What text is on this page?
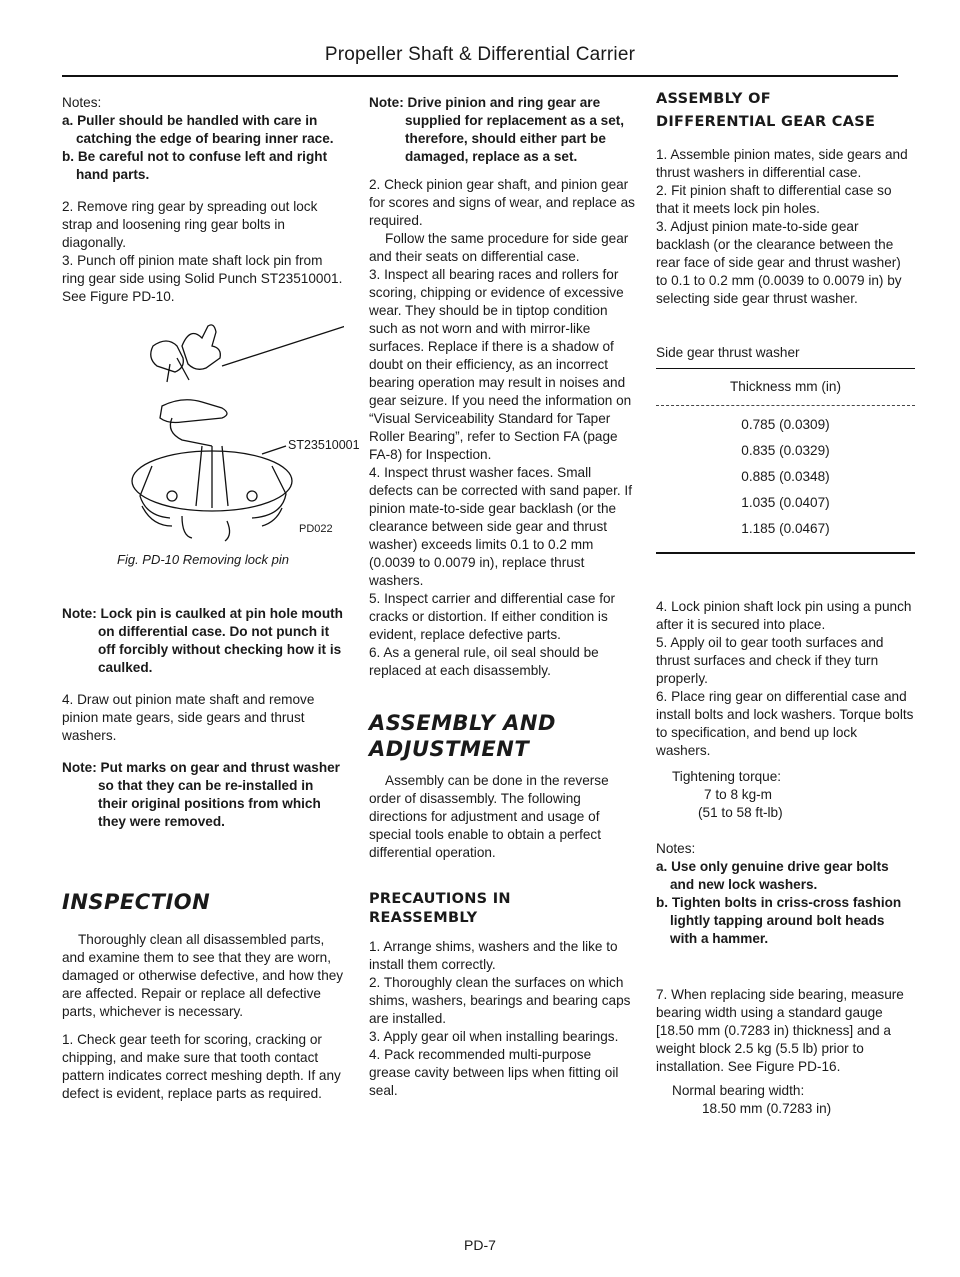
Propeller Shaft & Differential Carrier

Notes:

a. Puller should be handled with care in catching the edge of bearing inner race.

b. Be careful not to confuse left and right hand parts.

2. Remove ring gear by spreading out lock strap and loosening ring gear bolts in diagonally.

3. Punch off pinion mate shaft lock pin from ring gear side using Solid Punch ST23510001. See Figure PD-10.

ST23510001
PD022

Fig. PD-10 Removing lock pin

Note: Lock pin is caulked at pin hole mouth on differential case. Do not punch it off forcibly without checking how it is caulked.

4. Draw out pinion mate shaft and remove pinion mate gears, side gears and thrust washers.

Note: Put marks on gear and thrust washer so that they can be re-installed in their original positions from which they were removed.

INSPECTION

Thoroughly clean all disassembled parts, and examine them to see that they are worn, damaged or otherwise defective, and how they are affected. Repair or replace all defective parts, whichever is necessary.

1. Check gear teeth for scoring, cracking or chipping, and make sure that tooth contact pattern indicates correct meshing depth. If any defect is evident, replace parts as required.

Note: Drive pinion and ring gear are supplied for replacement as a set, therefore, should either part be damaged, replace as a set.

2. Check pinion gear shaft, and pinion gear for scores and signs of wear, and replace as required.

Follow the same procedure for side gear and their seats on differential case.

3. Inspect all bearing races and rollers for scoring, chipping or evidence of excessive wear. They should be in tiptop condition such as not worn and with mirror-like surfaces. Replace if there is a shadow of doubt on their efficiency, as an incorrect bearing operation may result in noises and gear seizure. If you need the information on “Visual Serviceability Standard for Taper Roller Bearing”, refer to Section FA (page FA-8) for Inspection.

4. Inspect thrust washer faces. Small defects can be corrected with sand paper. If pinion mate-to-side gear backlash (or the clearance between side gear and thrust washer) exceeds limits 0.1 to 0.2 mm (0.0039 to 0.0079 in), replace thrust washers.

5. Inspect carrier and differential case for cracks or distortion. If either condition is evident, replace defective parts.

6. As a general rule, oil seal should be replaced at each disassembly.

ASSEMBLY AND

ADJUSTMENT

Assembly can be done in the reverse order of disassembly. The following directions for adjustment and usage of special tools enable to obtain a perfect differential operation.

PRECAUTIONS IN

REASSEMBLY

1. Arrange shims, washers and the like to install them correctly.

2. Thoroughly clean the surfaces on which shims, washers, bearings and bearing caps are installed.

3. Apply gear oil when installing bearings.

4. Pack recommended multi-purpose grease cavity between lips when fitting oil seal.

ASSEMBLY OF

DIFFERENTIAL GEAR CASE

1. Assemble pinion mates, side gears and thrust washers in differential case.

2. Fit pinion shaft to differential case so that it meets lock pin holes.

3. Adjust pinion mate-to-side gear backlash (or the clearance between the rear face of side gear and thrust washer) to 0.1 to 0.2 mm (0.0039 to 0.0079 in) by selecting side gear thrust washer.

Side gear thrust washer

Thickness mm (in)

0.785 (0.0309)

0.835 (0.0329)

0.885 (0.0348)

1.035 (0.0407)

1.185 (0.0467)

4. Lock pinion shaft lock pin using a punch after it is secured into place.

5. Apply oil to gear tooth surfaces and thrust surfaces and check if they turn properly.

6. Place ring gear on differential case and install bolts and lock washers. Torque bolts to specification, and bend up lock washers.

Tightening torque:

7 to 8 kg-m

(51 to 58 ft-lb)

Notes:

a. Use only genuine drive gear bolts and new lock washers.

b. Tighten bolts in criss-cross fashion lightly tapping around bolt heads with a hammer.

7. When replacing side bearing, measure bearing width using a standard gauge [18.50 mm (0.7283 in) thickness] and a weight block 2.5 kg (5.5 lb) prior to installation. See Figure PD-16.

Normal bearing width:

18.50 mm (0.7283 in)

PD-7
